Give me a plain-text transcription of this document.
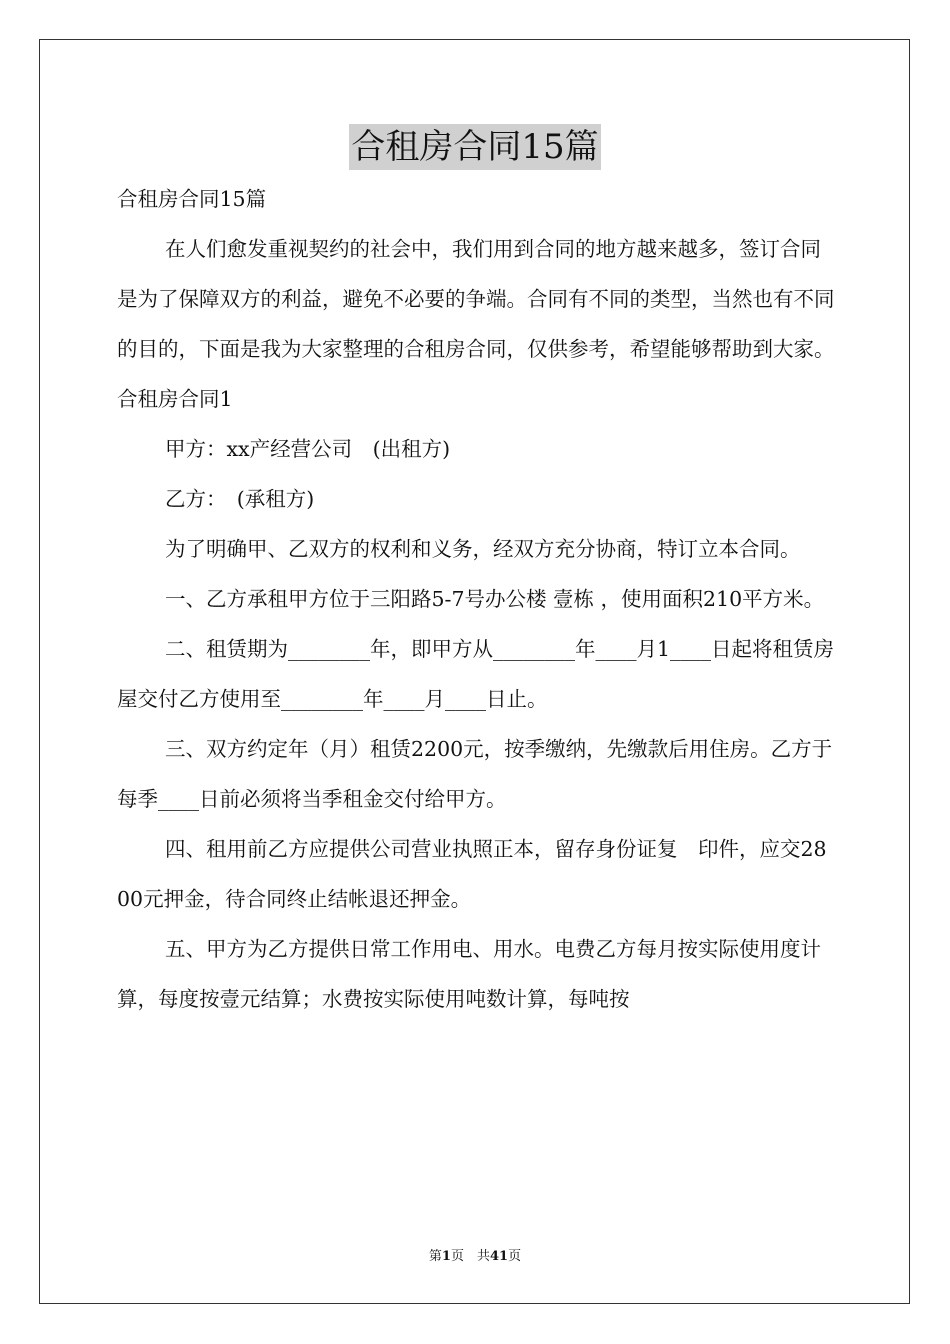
合租房合同15篇

合租房合同15篇

在人们愈发重视契约的社会中，我们用到合同的地方越来越多，签订合同是为了保障双方的利益，避免不必要的争端。合同有不同的类型，当然也有不同的目的，下面是我为大家整理的合租房合同，仅供参考，希望能够帮助到大家。

合租房合同1

甲方：xx产经营公司　(出租方)

乙方：　(承租方)

为了明确甲、乙双方的权利和义务，经双方充分协商，特订立本合同。

一、乙方承租甲方位于三阳路5-7号办公楼 壹栋 ，使用面积210平方米。

二、租赁期为________年，即甲方从________年____月1____日起将租赁房屋交付乙方使用至________年____月____日止。

三、双方约定年（月）租赁2200元，按季缴纳，先缴款后用住房。乙方于每季____日前必须将当季租金交付给甲方。

四、租用前乙方应提供公司营业执照正本，留存身份证复　印件，应交2800元押金，待合同终止结帐退还押金。

五、甲方为乙方提供日常工作用电、用水。电费乙方每月按实际使用度计算，每度按壹元结算；水费按实际使用吨数计算，每吨按

第1页　共41页
